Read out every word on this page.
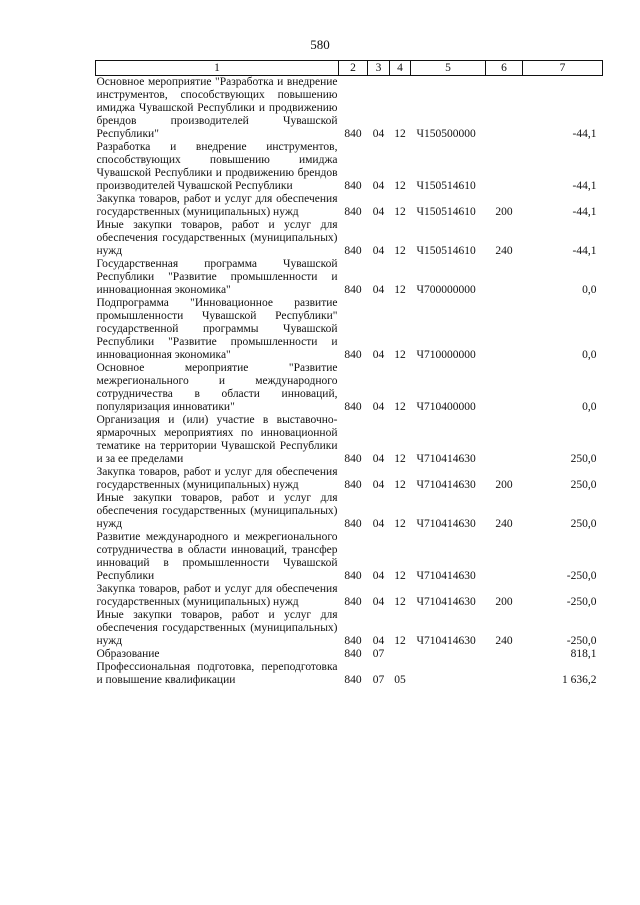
580
1	2	3	4	5	6	7
Основное мероприятие "Разработка и внедрение инструментов, способствующих повышению имиджа Чувашской Республики и продвижению брендов производителей Чувашской Республики"	840	04	12	Ч150500000		-44,1
Разработка и внедрение инструментов, способствующих повышению имиджа Чувашской Республики и продвижению брендов производителей Чувашской Республики	840	04	12	Ч150514610		-44,1
Закупка товаров, работ и услуг для обеспечения государственных (муниципальных) нужд	840	04	12	Ч150514610	200	-44,1
Иные закупки товаров, работ и услуг для обеспечения государственных (муниципальных) нужд	840	04	12	Ч150514610	240	-44,1
Государственная программа Чувашской Республики "Развитие промышленности и инновационная экономика"	840	04	12	Ч700000000		0,0
Подпрограмма "Инновационное развитие промышленности Чувашской Республики" государственной программы Чувашской Республики "Развитие промышленности и инновационная экономика"	840	04	12	Ч710000000		0,0
Основное мероприятие "Развитие межрегионального и международного сотрудничества в области инноваций, популяризация инноватики"	840	04	12	Ч710400000		0,0
Организация и (или) участие в выставочно-ярмарочных мероприятиях по инновационной тематике на территории Чувашской Республики и за ее пределами	840	04	12	Ч710414630		250,0
Закупка товаров, работ и услуг для обеспечения государственных (муниципальных) нужд	840	04	12	Ч710414630	200	250,0
Иные закупки товаров, работ и услуг для обеспечения государственных (муниципальных) нужд	840	04	12	Ч710414630	240	250,0
Развитие международного и межрегионального сотрудничества в области инноваций, трансфер инноваций в промышленности Чувашской Республики	840	04	12	Ч710414630		-250,0
Закупка товаров, работ и услуг для обеспечения государственных (муниципальных) нужд	840	04	12	Ч710414630	200	-250,0
Иные закупки товаров, работ и услуг для обеспечения государственных (муниципальных) нужд	840	04	12	Ч710414630	240	-250,0
Образование	840	07				818,1
Профессиональная подготовка, переподготовка и повышение квалификации	840	07	05			1 636,2
